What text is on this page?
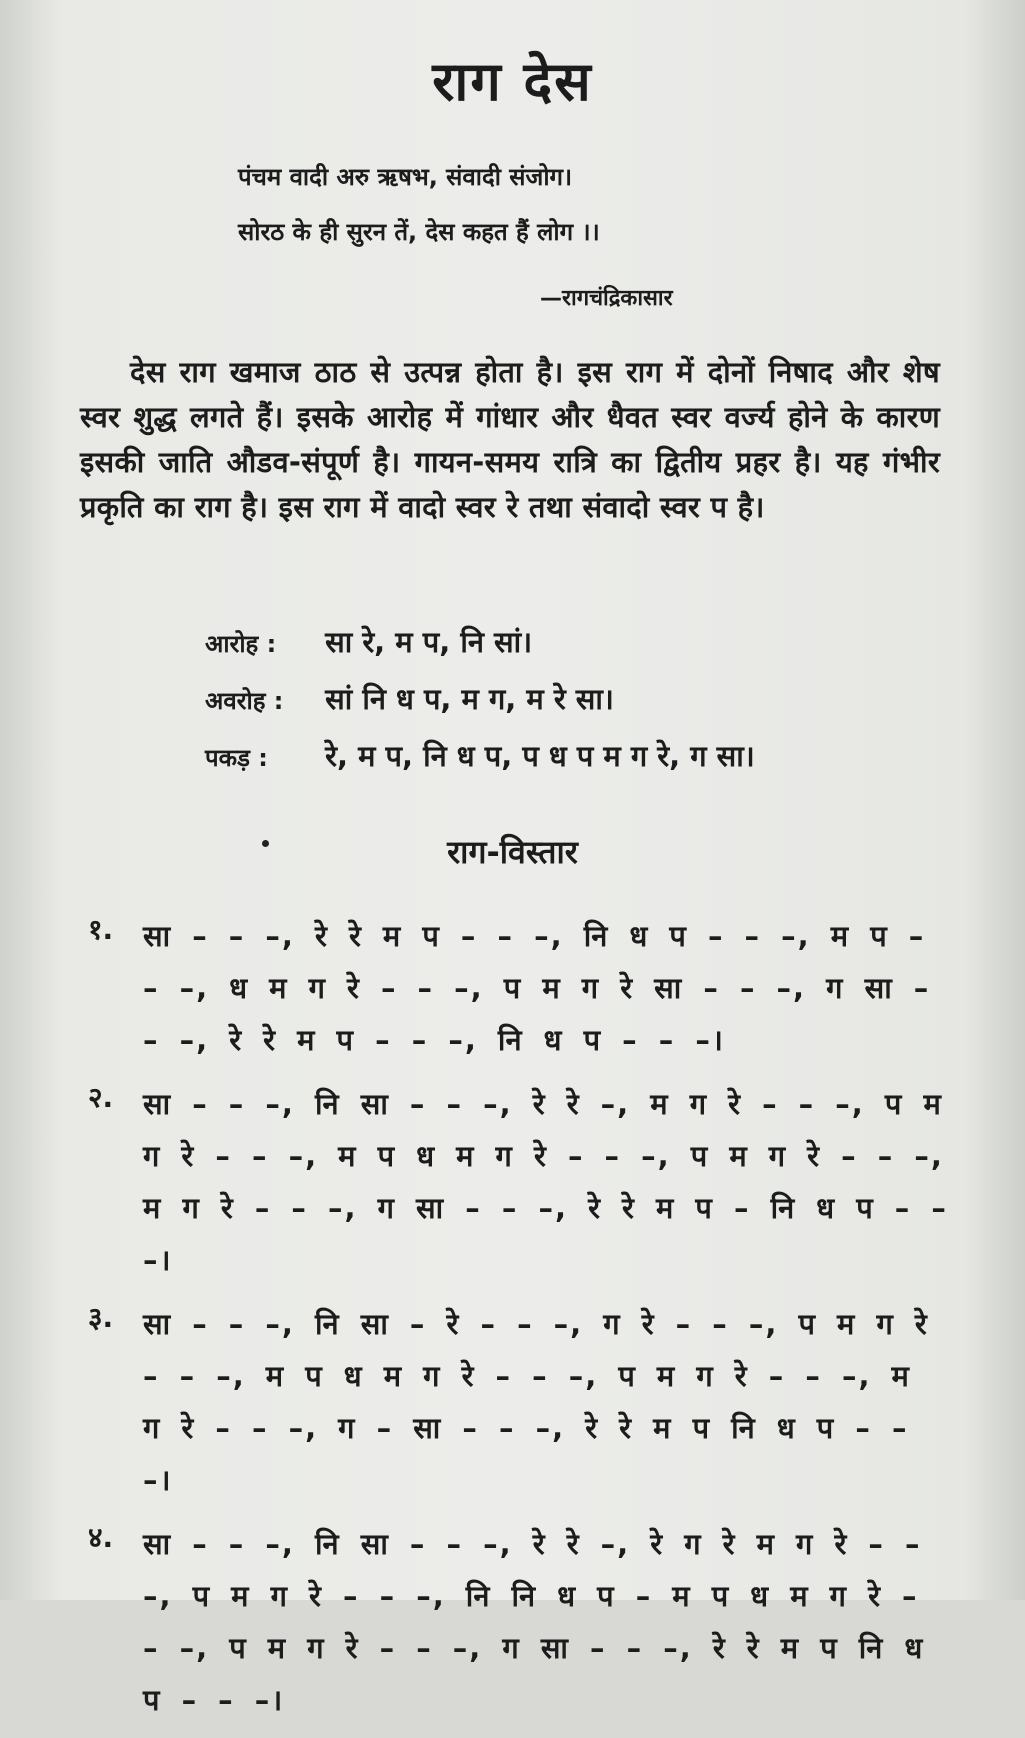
राग देस
पंचम वादी अरु ऋषभ, संवादी संजोग।
सोरठ के ही सुरन तें, देस कहत हैं लोग ।।
—रागचंद्रिकासार
देस राग खमाज ठाठ से उत्पन्न होता है। इस राग में दोनों निषाद और शेष स्वर शुद्ध लगते हैं। इसके आरोह में गांधार और धैवत स्वर वर्ज्य होने के कारण इसकी जाति औडव-संपूर्ण है। गायन-समय रात्रि का द्वितीय प्रहर है। यह गंभीर प्रकृति का राग है। इस राग में वादो स्वर रे तथा संवादो स्वर प है।
आरोह : सा रे, म प, नि सां।
अवरोह : सां नि ध प, म ग, म रे सा।
पकड़ : रे, म प, नि ध प, प ध प म ग रे, ग सा।
राग-विस्तार
१. सा – – –, रे रे म प – – –, नि ध प – – –, म प – – –, ध म ग रे – – –, प म ग रे सा – – –, ग सा – – –, रे रे म प – – –, नि ध प – – –।
२. सा – – –, नि सा – – –, रे रे –, म ग रे – – –, प म ग रे – – –, म प ध म ग रे – – –, प म ग रे – – –, म ग रे – – –, ग सा – – –, रे रे म प – नि ध प – – –।
३. सा – – –, नि सा – रे – – –, ग रे – – –, प म ग रे – – –, म प ध म ग रे – – –, प म ग रे – – –, म ग रे – – –, ग – सा – – –, रे रे म प नि ध प – – –।
४. सा – – –, नि सा – – –, रे रे –, रे ग रे म ग रे – – –, प म ग रे – – –, नि नि ध प – म प ध म ग रे – – –, प म ग रे – – –, ग सा – – –, रे रे म प नि ध प – – –।
